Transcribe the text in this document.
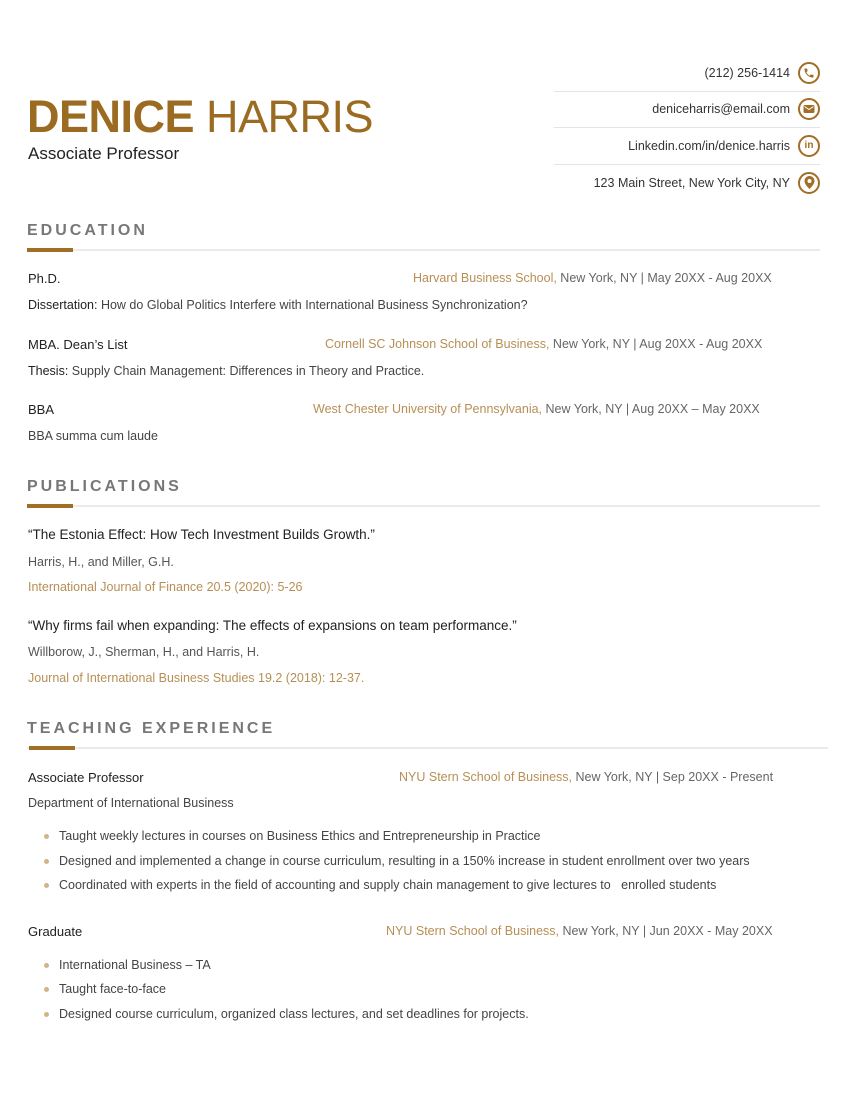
DENICE HARRIS
Associate Professor
(212) 256-1414
deniceharris@email.com
Linkedin.com/in/denice.harris in
123 Main Street, New York City, NY
EDUCATION
Ph.D.	Harvard Business School, New York, NY | May 20XX - Aug 20XX
Dissertation: How do Global Politics Interfere with International Business Synchronization?
MBA. Dean’s List	Cornell SC Johnson School of Business, New York, NY | Aug 20XX - Aug 20XX
Thesis: Supply Chain Management: Differences in Theory and Practice.
BBA	West Chester University of Pennsylvania, New York, NY | Aug 20XX – May 20XX
BBA summa cum laude
PUBLICATIONS
“The Estonia Effect: How Tech Investment Builds Growth.”
Harris, H., and Miller, G.H.
International Journal of Finance 20.5 (2020): 5-26
“Why firms fail when expanding: The effects of expansions on team performance.”
Willborow, J., Sherman, H., and Harris, H.
Journal of International Business Studies 19.2 (2018): 12-37.
TEACHING EXPERIENCE
Associate Professor	NYU Stern School of Business, New York, NY | Sep 20XX - Present
Department of International Business
Taught weekly lectures in courses on Business Ethics and Entrepreneurship in Practice
Designed and implemented a change in course curriculum, resulting in a 150% increase in student enrollment over two years
Coordinated with experts in the field of accounting and supply chain management to give lectures to   enrolled students
Graduate	NYU Stern School of Business, New York, NY | Jun 20XX - May 20XX
International Business – TA
Taught face-to-face
Designed course curriculum, organized class lectures, and set deadlines for projects.
